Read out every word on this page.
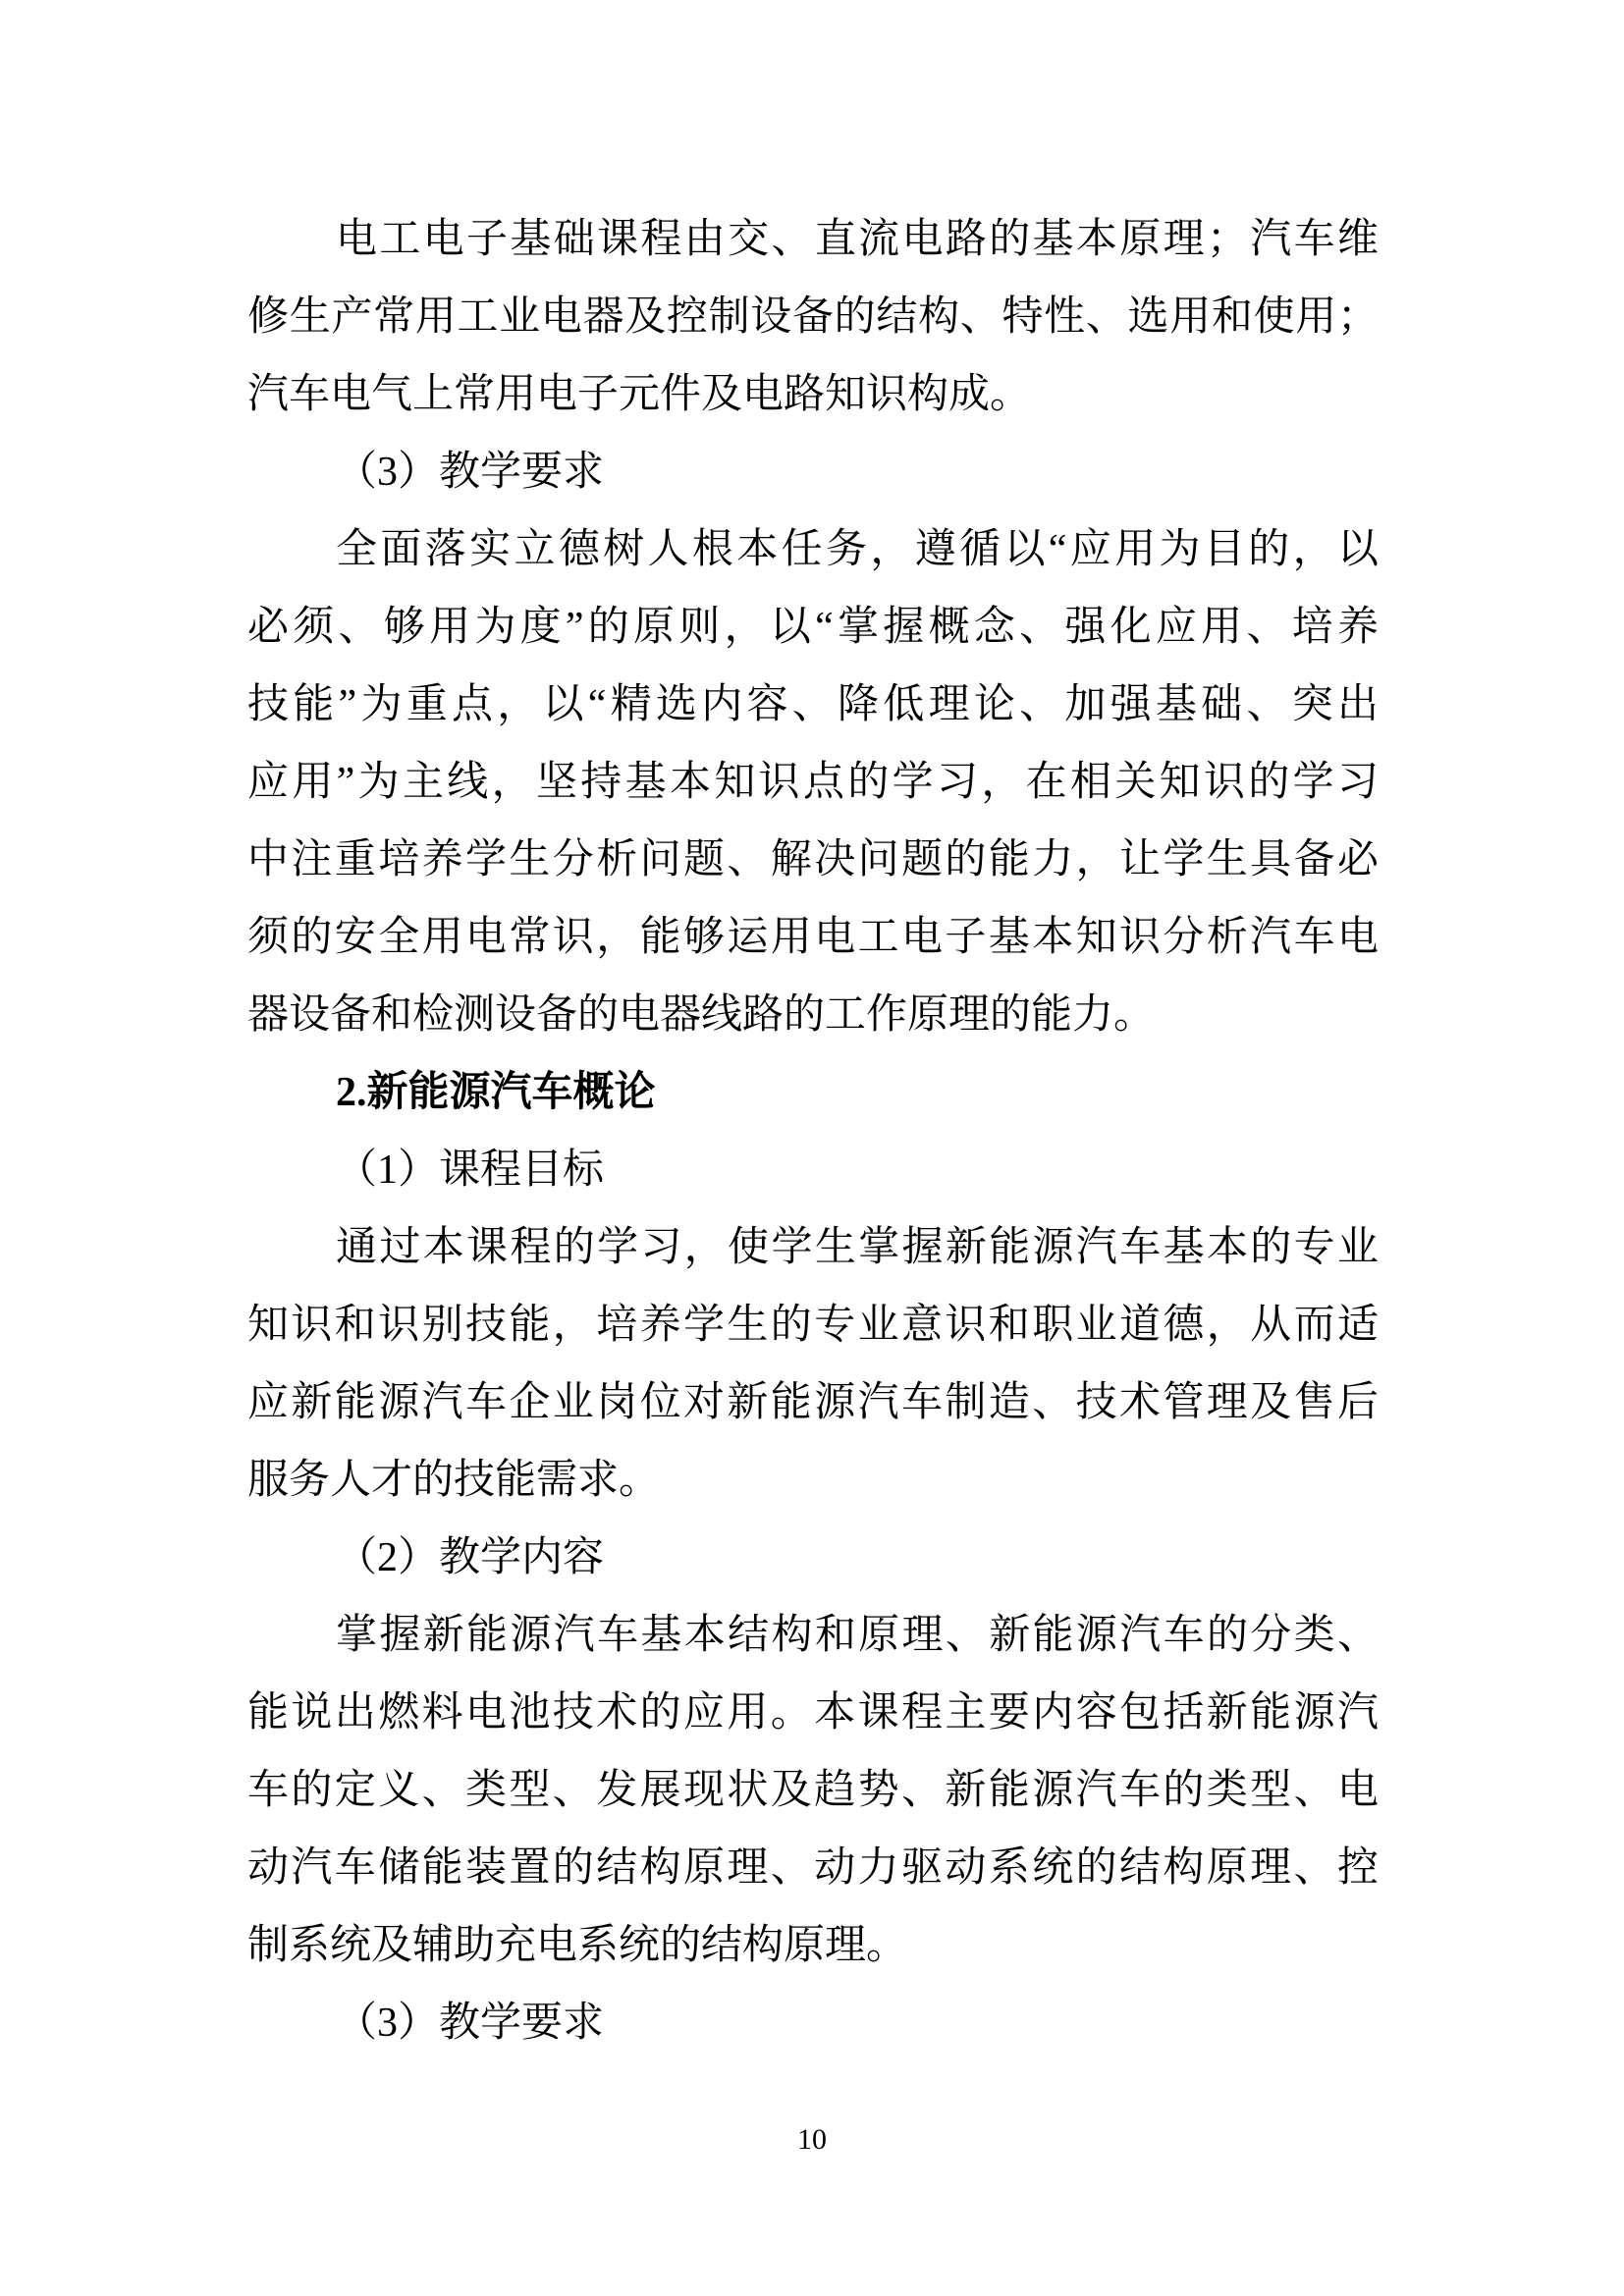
电工电子基础课程由交、直流电路的基本原理；汽车维
修生产常用工业电器及控制设备的结构、特性、选用和使用；
汽车电气上常用电子元件及电路知识构成。
（3）教学要求
全面落实立德树人根本任务，遵循以“应用为目的，以
必须、够用为度”的原则，以“掌握概念、强化应用、培养
技能”为重点，以“精选内容、降低理论、加强基础、突出
应用”为主线，坚持基本知识点的学习，在相关知识的学习
中注重培养学生分析问题、解决问题的能力，让学生具备必
须的安全用电常识，能够运用电工电子基本知识分析汽车电
器设备和检测设备的电器线路的工作原理的能力。
2.新能源汽车概论
（1）课程目标
通过本课程的学习，使学生掌握新能源汽车基本的专业
知识和识别技能，培养学生的专业意识和职业道德，从而适
应新能源汽车企业岗位对新能源汽车制造、技术管理及售后
服务人才的技能需求。
（2）教学内容
掌握新能源汽车基本结构和原理、新能源汽车的分类、
能说出燃料电池技术的应用。本课程主要内容包括新能源汽
车的定义、类型、发展现状及趋势、新能源汽车的类型、电
动汽车储能装置的结构原理、动力驱动系统的结构原理、控
制系统及辅助充电系统的结构原理。
（3）教学要求
10
